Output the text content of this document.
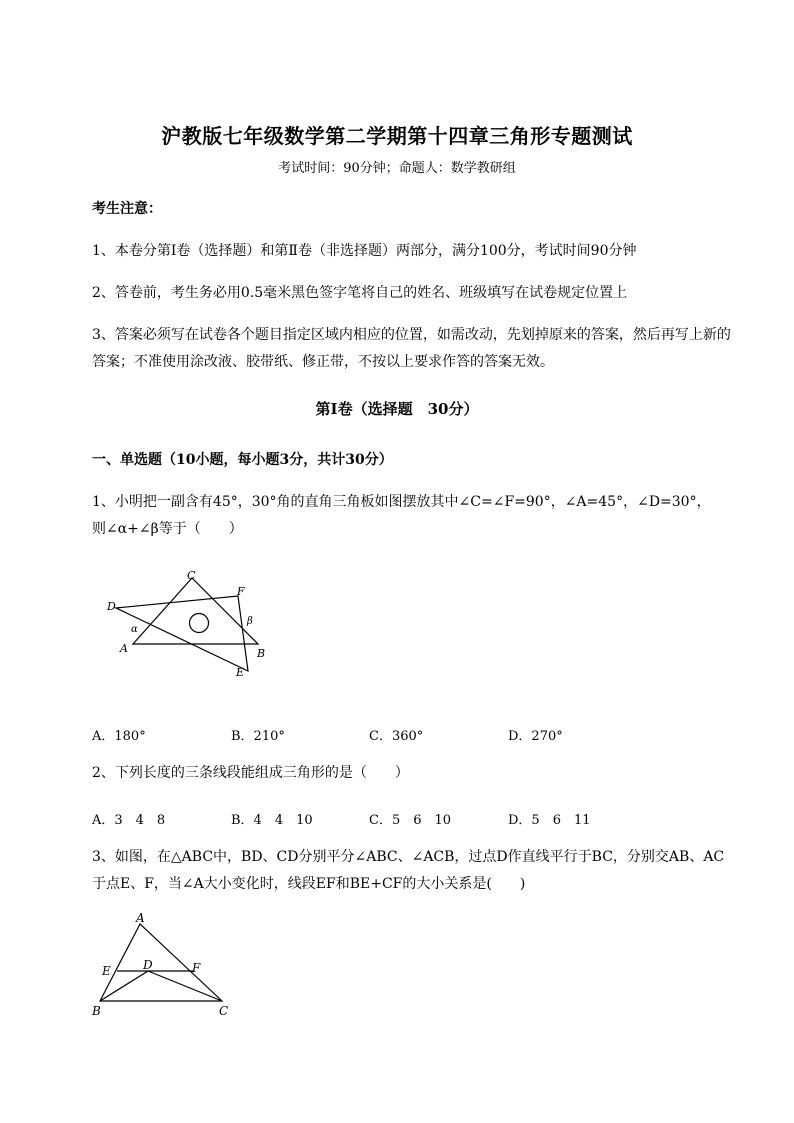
沪教版七年级数学第二学期第十四章三角形专题测试
考试时间：90分钟；命题人：数学教研组
考生注意：
1、本卷分第I卷（选择题）和第Ⅱ卷（非选择题）两部分，满分100分，考试时间90分钟
2、答卷前，考生务必用0.5毫米黑色签字笔将自己的姓名、班级填写在试卷规定位置上
3、答案必须写在试卷各个题目指定区域内相应的位置，如需改动，先划掉原来的答案，然后再写上新的答案；不准使用涂改液、胶带纸、修正带，不按以上要求作答的答案无效。
第I卷（选择题　30分）
一、单选题（10小题，每小题3分，共计30分）
1、小明把一副含有45°，30°角的直角三角板如图摆放其中∠C=∠F=90°，∠A=45°，∠D=30°，则∠α+∠β等于（　　）
C
F
D
α
β
A	B
E
A．180°	B．210°	C．360°	D．270°
2、下列长度的三条线段能组成三角形的是（　　）
A．3　4　8	B．4　4　10	C．5　6　10	D．5　6　11
3、如图，在△ABC中，BD、CD分别平分∠ABC、∠ACB，过点D作直线平行于BC，分别交AB、AC于点E、F，当∠A大小变化时，线段EF和BE+CF的大小关系是(　　)
A
E	D	F
B	C
